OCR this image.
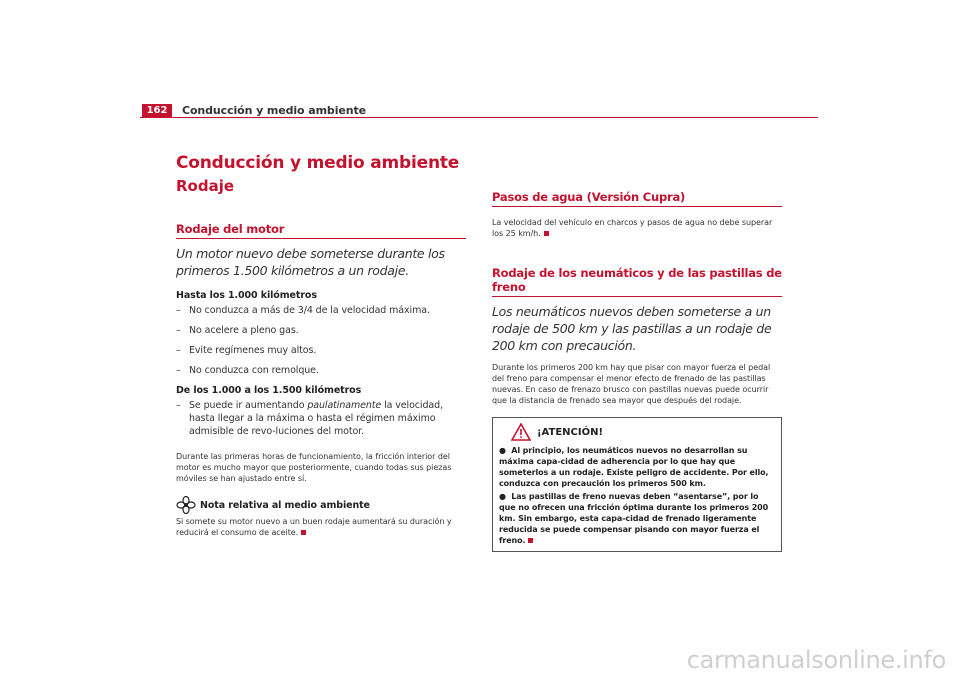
162	Conducción y medio ambiente
Conducción y medio ambiente
Rodaje
Rodaje del motor
Un motor nuevo debe someterse durante los primeros 1.500 kilómetros a un rodaje.
Hasta los 1.000 kilómetros
– No conduzca a más de 3/4 de la velocidad máxima.
– No acelere a pleno gas.
– Evite regímenes muy altos.
– No conduzca con remolque.
De los 1.000 a los 1.500 kilómetros
– Se puede ir aumentando paulatinamente la velocidad, hasta llegar a la máxima o hasta el régimen máximo admisible de revo-luciones del motor.
Durante las primeras horas de funcionamiento, la fricción interior del motor es mucho mayor que posteriormente, cuando todas sus piezas móviles se han ajustado entre sí.
Nota relativa al medio ambiente
Si somete su motor nuevo a un buen rodaje aumentará su duración y reducirá el consumo de aceite.
Pasos de agua (Versión Cupra)
La velocidad del vehículo en charcos y pasos de agua no debe superar los 25 km/h.
Rodaje de los neumáticos y de las pastillas de freno
Los neumáticos nuevos deben someterse a un rodaje de 500 km y las pastillas a un rodaje de 200 km con precaución.
Durante los primeros 200 km hay que pisar con mayor fuerza el pedal del freno para compensar el menor efecto de frenado de las pastillas nuevas. En caso de frenazo brusco con pastillas nuevas puede ocurrir que la distancia de frenado sea mayor que después del rodaje.
¡ATENCIÓN!
● Al principio, los neumáticos nuevos no desarrollan su máxima capa-cidad de adherencia por lo que hay que someterlos a un rodaje. Existe peligro de accidente. Por ello, conduzca con precaución los primeros 500 km.
● Las pastillas de freno nuevas deben “asentarse”, por lo que no ofrecen una fricción óptima durante los primeros 200 km. Sin embargo, esta capa-cidad de frenado ligeramente reducida se puede compensar pisando con mayor fuerza el freno.
carmanualsonline.info
